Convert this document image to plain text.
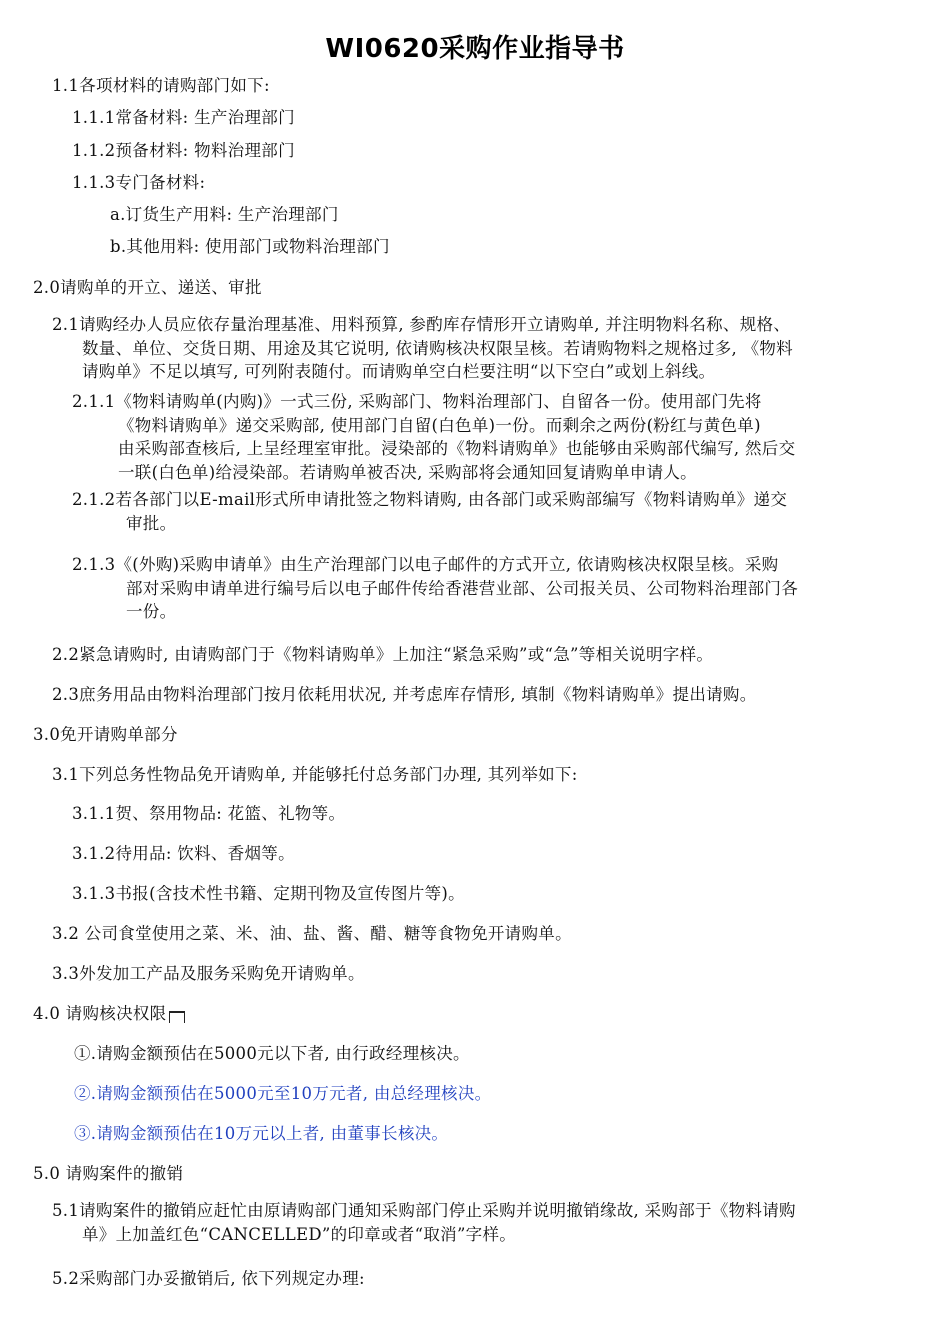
WI0620采购作业指导书
1.1各项材料的请购部门如下:
1.1.1常备材料: 生产治理部门
1.1.2预备材料: 物料治理部门
1.1.3专门备材料:
a.订货生产用料: 生产治理部门
b.其他用料: 使用部门或物料治理部门
2.0请购单的开立、递送、审批
2.1请购经办人员应依存量治理基准、用料预算, 参酌库存情形开立请购单, 并注明物料名称、规格、
数量、单位、交货日期、用途及其它说明, 依请购核决权限呈核。若请购物料之规格过多, 《物料
请购单》不足以填写, 可列附表随付。而请购单空白栏要注明“以下空白”或划上斜线。
2.1.1《物料请购单(内购)》一式三份, 采购部门、物料治理部门、自留各一份。使用部门先将
《物料请购单》递交采购部, 使用部门自留(白色单)一份。而剩余之两份(粉红与黄色单)
由采购部查核后, 上呈经理室审批。浸染部的《物料请购单》也能够由采购部代编写, 然后交
一联(白色单)给浸染部。若请购单被否决, 采购部将会通知回复请购单申请人。
2.1.2若各部门以E-mail形式所申请批签之物料请购, 由各部门或采购部编写《物料请购单》递交
审批。
2.1.3《(外购)采购申请单》由生产治理部门以电子邮件的方式开立, 依请购核决权限呈核。采购
部对采购申请单进行编号后以电子邮件传给香港营业部、公司报关员、公司物料治理部门各
一份。
2.2紧急请购时, 由请购部门于《物料请购单》上加注“紧急采购”或“急”等相关说明字样。
2.3庶务用品由物料治理部门按月依耗用状况, 并考虑库存情形, 填制《物料请购单》提出请购。
3.0免开请购单部分
3.1下列总务性物品免开请购单, 并能够托付总务部门办理, 其列举如下:
3.1.1贺、祭用物品: 花篮、礼物等。
3.1.2待用品: 饮料、香烟等。
3.1.3书报(含技术性书籍、定期刊物及宣传图片等)。
3.2 公司食堂使用之菜、米、油、盐、酱、醋、糖等食物免开请购单。
3.3外发加工产品及服务采购免开请购单。
4.0 请购核决权限
①.请购金额预估在5000元以下者, 由行政经理核决。
②.请购金额预估在5000元至10万元者, 由总经理核决。
③.请购金额预估在10万元以上者, 由董事长核决。
5.0 请购案件的撤销
5.1请购案件的撤销应赶忙由原请购部门通知采购部门停止采购并说明撤销缘故, 采购部于《物料请购
单》上加盖红色“CANCELLED”的印章或者“取消”字样。
5.2采购部门办妥撤销后, 依下列规定办理:
